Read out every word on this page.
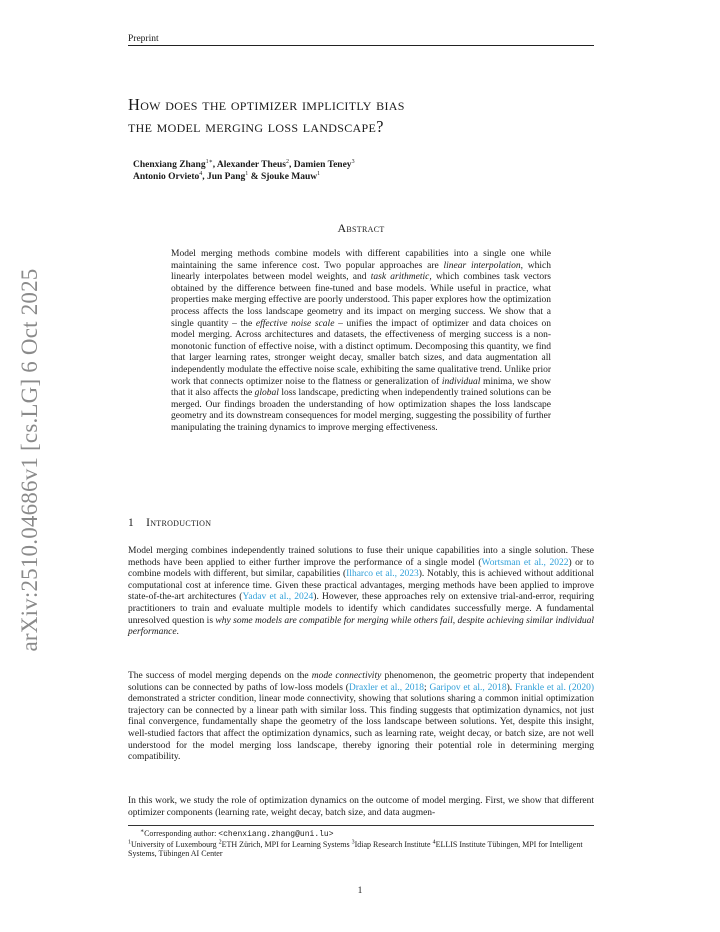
arXiv:2510.04686v1 [cs.LG] 6 Oct 2025
Preprint
How does the optimizer implicitly bias
the model merging loss landscape?

Chenxiang Zhang$^{1∗}$, Alexander Theus$^2$, Damien Teney$^3$

Antonio Orvieto$^4$, Jun Pang$^1$ & Sjouke Mauw$^1$

Abstract
Model merging methods combine models with different capabilities into a single one while maintaining the same inference cost. Two popular approaches are linear interpolation, which linearly interpolates between model weights, and task arithmetic, which combines task vectors obtained by the difference between fine-tuned and base models. While useful in practice, what properties make merging effective are poorly understood. This paper explores how the optimization process affects the loss landscape geometry and its impact on merging success. We show that a single quantity – the effective noise scale – unifies the impact of optimizer and data choices on model merging. Across architectures and datasets, the effectiveness of merging success is a non-monotonic function of effective noise, with a distinct optimum. Decomposing this quantity, we find that larger learning rates, stronger weight decay, smaller batch sizes, and data augmentation all independently modulate the effective noise scale, exhibiting the same qualitative trend. Unlike prior work that connects optimizer noise to the flatness or generalization of individual minima, we show that it also affects the global loss landscape, predicting when independently trained solutions can be merged. Our findings broaden the understanding of how optimization shapes the loss landscape geometry and its downstream consequences for model merging, suggesting the possibility of further manipulating the training dynamics to improve merging effectiveness.
1 Introduction
Model merging combines independently trained solutions to fuse their unique capabilities into a single solution. These methods have been applied to either further improve the performance of a single model (Wortsman et al., 2022) or to combine models with different, but similar, capabilities (Ilharco et al., 2023). Notably, this is achieved without additional computational cost at inference time. Given these practical advantages, merging methods have been applied to improve state-of-the-art architectures (Yadav et al., 2024). However, these approaches rely on extensive trial-and-error, requiring practitioners to train and evaluate multiple models to identify which candidates successfully merge. A fundamental unresolved question is why some models are compatible for merging while others fail, despite achieving similar individual performance.
The success of model merging depends on the mode connectivity phenomenon, the geometric property that independent solutions can be connected by paths of low-loss models (Draxler et al., 2018; Garipov et al., 2018). Frankle et al. (2020) demonstrated a stricter condition, linear mode connectivity, showing that solutions sharing a common initial optimization trajectory can be connected by a linear path with similar loss. This finding suggests that optimization dynamics, not just final convergence, fundamentally shape the geometry of the loss landscape between solutions. Yet, despite this insight, well-studied factors that affect the optimization dynamics, such as learning rate, weight decay, or batch size, are not well understood for the model merging loss landscape, thereby ignoring their potential role in determining merging compatibility.
In this work, we study the role of optimization dynamics on the outcome of model merging. First, we show that different optimizer components (learning rate, weight decay, batch size, and data augmen-
∗Corresponding author: <chenxiang.zhang@uni.lu>
$^1$University of Luxembourg $^2$ETH Zürich, MPI for Learning Systems $^3$Idiap Research Institute $^4$ELLIS Institute Tübingen, MPI for Intelligent Systems, Tübingen AI Center
1
